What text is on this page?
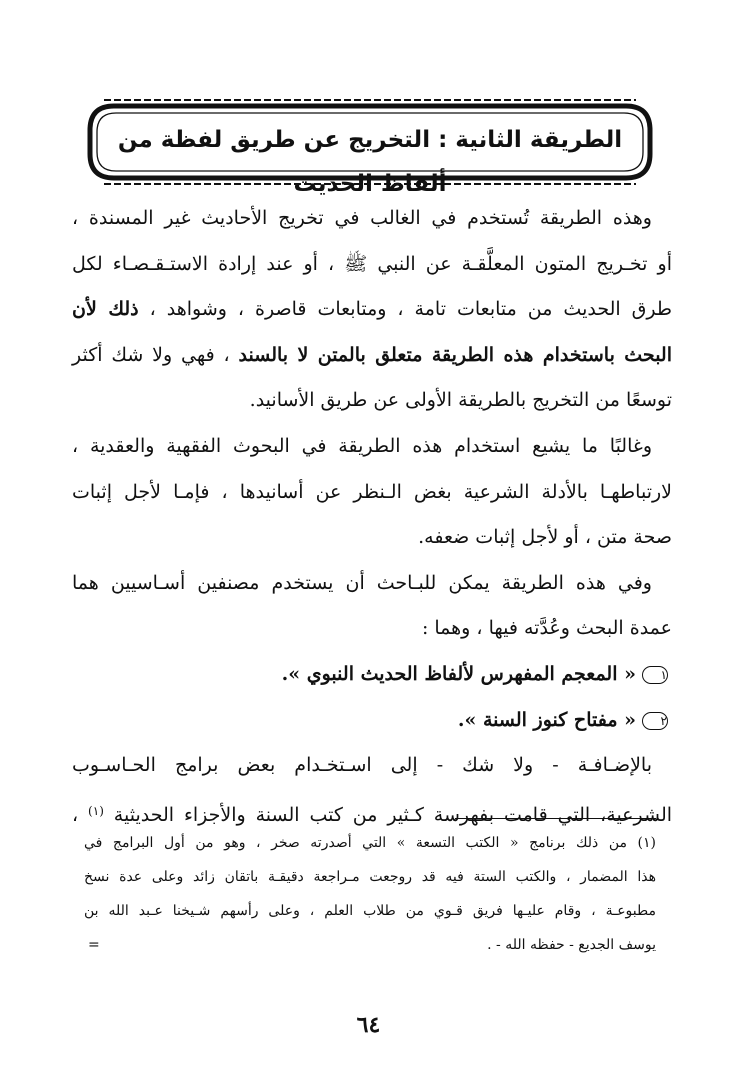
الطريقة الثانية : التخريج عن طريق لفظة من ألفاظ الحديث
وهذه الطريقة تُستخدم في الغالب في تخريج الأحاديث غير المسندة ،
أو تخـريج المتون المعلَّقـة عن النبي ﷺ ، أو عند إرادة الاستـقـصـاء لكل
طرق الحديث من متابعات تامة ، ومتابعات قاصرة ، وشواهد ، ذلك لأن
البحث باستخدام هذه الطريقة متعلق بالمتن لا بالسند ، فهي ولا شك أكثر
توسعًا من التخريج بالطريقة الأولى عن طريق الأسانيد.
وغالبًا ما يشيع استخدام هذه الطريقة في البحوث الفقهية والعقدية ،
لارتباطهـا بالأدلة الشرعية بغض الـنظر عن أسانيدها ، فإمـا لأجل إثبات
صحة متن ، أو لأجل إثبات ضعفه.
وفي هذه الطريقة يمكن للبـاحث أن يستخدم مصنفين أسـاسيين هما
عمدة البحث وعُدَّته فيها ، وهما :
١« المعجم المفهرس لألفاظ الحديث النبوي ».
٢« مفتاح كنوز السنة ».
بالإضـافـة - ولا شك - إلى اسـتخـدام بعض برامج الحـاسـوب
الشرعية، التي قامت بفهرسة كـثير من كتب السنة والأجزاء الحديثية $^{(١)}$ ،
(١) من ذلك برنامج « الكتب التسعة » التي أصدرته صخر ، وهو من أول البرامج في
هذا المضمار ، والكتب الستة فيه قد روجعت مـراجعة دقيقـة باتقان زائد وعلى عدة نسخ
مطبوعـة ، وقام عليـها فريق قـوي من طلاب العلم ، وعلى رأسهم شـيخنا عـبد الله بن
يوسف الجديع - حفظه الله - .
=
٦٤
